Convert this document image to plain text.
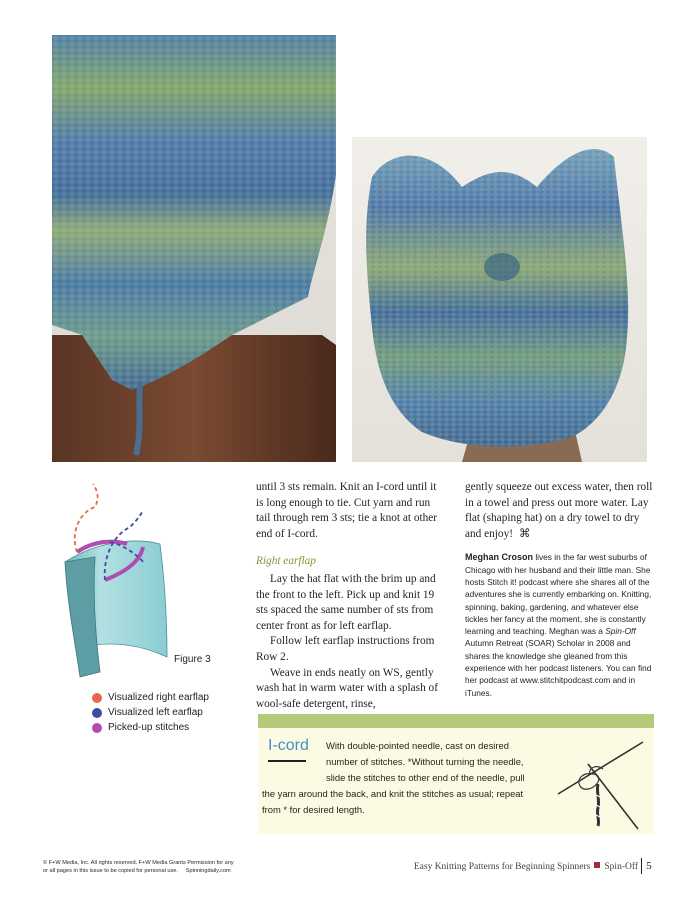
Figure 3
Visualized right earflap
Visualized left earflap
Picked-up stitches

until 3 sts remain. Knit an I-cord until it is long enough to tie. Cut yarn and run tail through rem 3 sts; tie a knot at other end of I-cord.

Right earflap

Lay the hat flat with the brim up and the front to the left. Pick up and knit 19 sts spaced the same number of sts from center front as for left earflap.

Follow left earflap instructions from Row 2.

Weave in ends neatly on WS, gently wash hat in warm water with a splash of wool-safe detergent, rinse,

gently squeeze out excess water, then roll in a towel and press out more water. Lay flat (shaping hat) on a dry towel to dry and enjoy! ⌘

Meghan Croson lives in the far west suburbs of Chicago with her husband and their little man. She hosts Stitch it! podcast where she shares all of the adventures she is currently embarking on. Knitting, spinning, baking, gardening, and whatever else tickles her fancy at the moment, she is constantly learning and teaching. Meghan was a Spin-Off Autumn Retreat (SOAR) Scholar in 2008 and shares the knowledge she gleaned from this experience with her podcast listeners. You can find her podcast at www.stitchitpodcast.com and in iTunes.

I-cord With double-pointed needle, cast on desired
number of stitches. *Without turning the needle,
slide the stitches to other end of the needle, pull
the yarn around the back, and knit the stitches as usual; repeat
from * for desired length.
© F+W Media, Inc. All rights reserved. F+W Media Grants Permission for any
or all pages in this issue to be copied for personal use. Spinningdaily.com	Easy Knitting Patterns for Beginning Spinners Spin-Off 5
